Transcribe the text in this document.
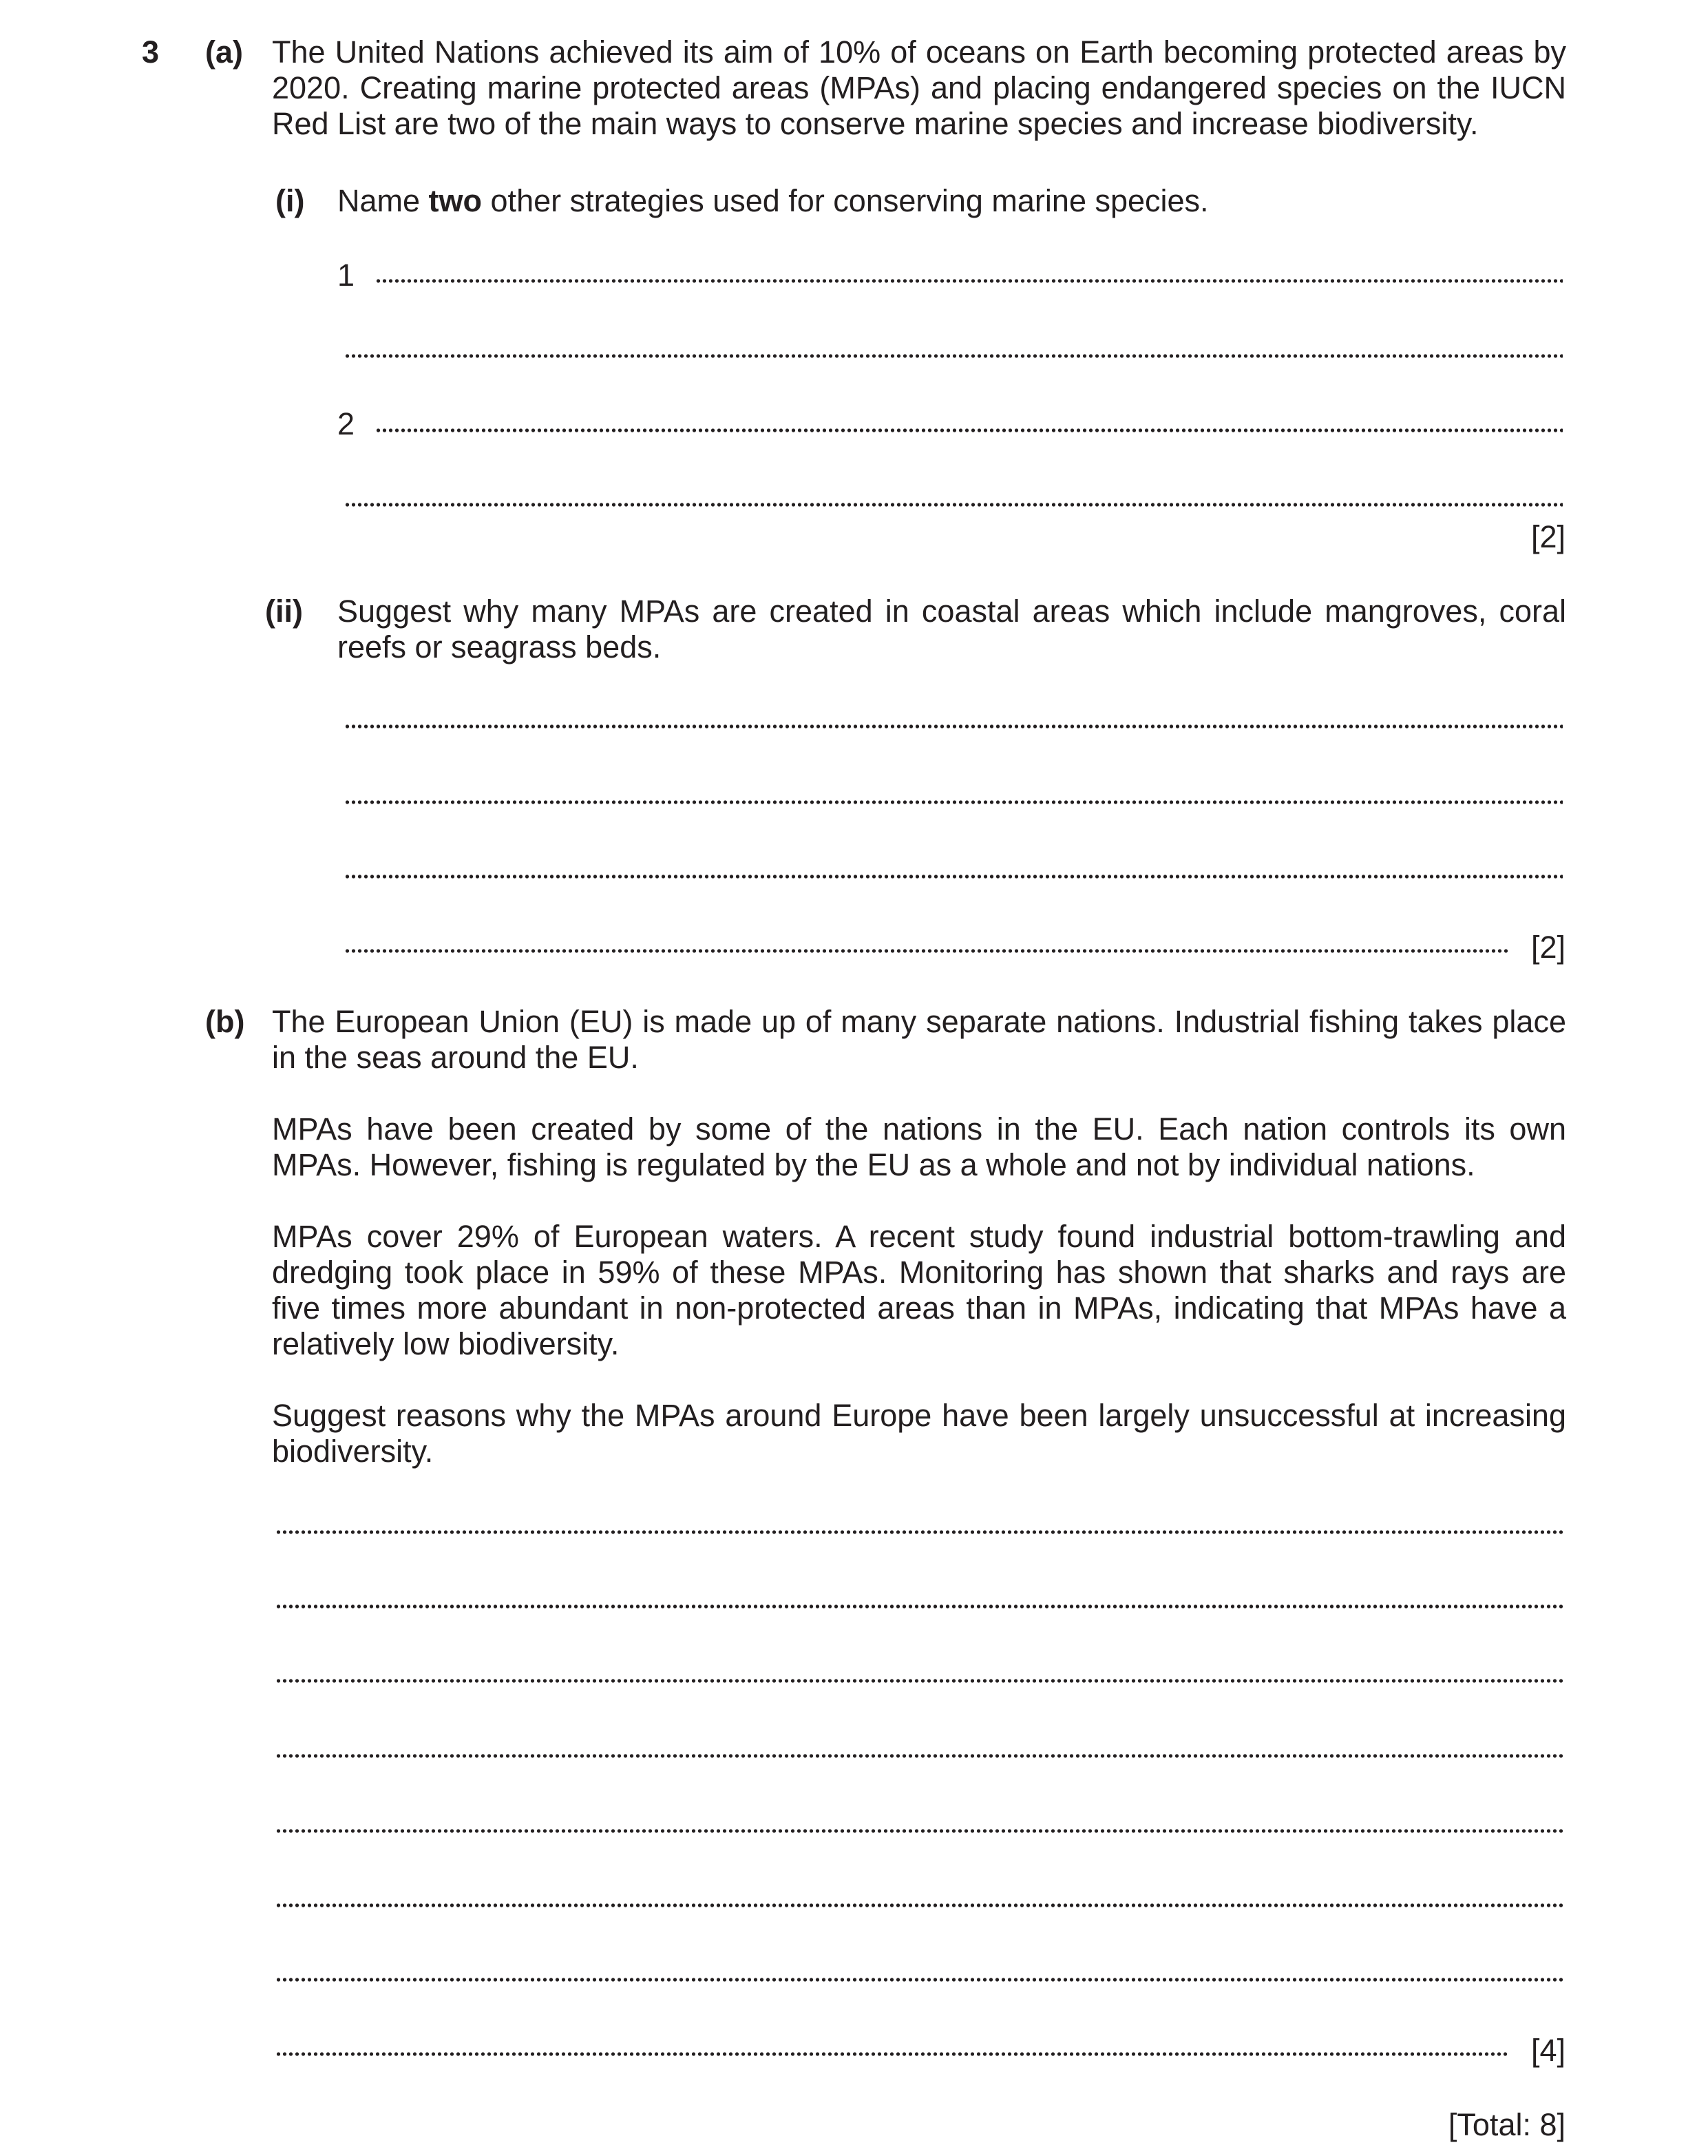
3 (a) The United Nations achieved its aim of 10% of oceans on Earth becoming protected areas by 2020. Creating marine protected areas (MPAs) and placing endangered species on the IUCN Red List are two of the main ways to conserve marine species and increase biodiversity.
(i) Name two other strategies used for conserving marine species.
1
2
[2]
(ii) Suggest why many MPAs are created in coastal areas which include mangroves, coral reefs or seagrass beds.
[2]
(b) The European Union (EU) is made up of many separate nations. Industrial fishing takes place in the seas around the EU.
MPAs have been created by some of the nations in the EU. Each nation controls its own MPAs. However, fishing is regulated by the EU as a whole and not by individual nations.
MPAs cover 29% of European waters. A recent study found industrial bottom-trawling and dredging took place in 59% of these MPAs. Monitoring has shown that sharks and rays are five times more abundant in non-protected areas than in MPAs, indicating that MPAs have a relatively low biodiversity.
Suggest reasons why the MPAs around Europe have been largely unsuccessful at increasing biodiversity.
[4]
[Total: 8]
